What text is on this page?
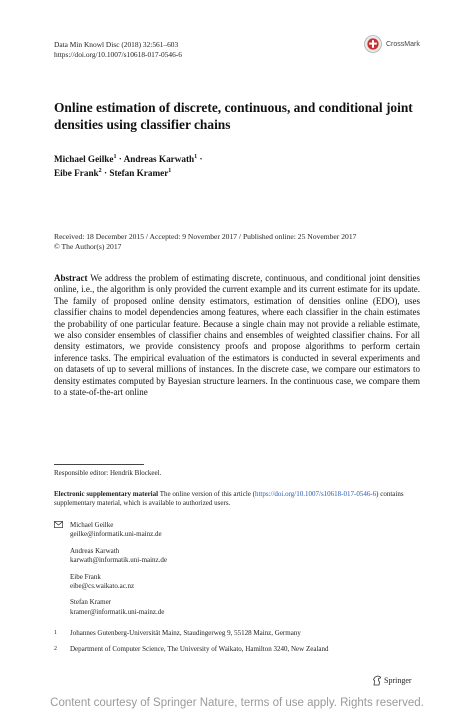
Data Min Knowl Disc (2018) 32:561–603
https://doi.org/10.1007/s10618-017-0546-6
CrossMark
Online estimation of discrete, continuous, and conditional joint densities using classifier chains
Michael Geilke$^1$ · Andreas Karwath$^1$ ·
Eibe Frank$^2$ · Stefan Kramer$^1$
Received: 18 December 2015 / Accepted: 9 November 2017 / Published online: 25 November 2017
© The Author(s) 2017
Abstract We address the problem of estimating discrete, continuous, and conditional joint densities online, i.e., the algorithm is only provided the current example and its current estimate for its update. The family of proposed online density estimators, estimation of densities online (EDO), uses classifier chains to model dependencies among features, where each classifier in the chain estimates the probability of one particular feature. Because a single chain may not provide a reliable estimate, we also consider ensembles of classifier chains and ensembles of weighted classifier chains. For all density estimators, we provide consistency proofs and propose algorithms to perform certain inference tasks. The empirical evaluation of the estimators is conducted in several experiments and on datasets of up to several millions of instances. In the discrete case, we compare our estimators to density estimates computed by Bayesian structure learners. In the continuous case, we compare them to a state-of-the-art online
Responsible editor: Hendrik Blockeel.
Electronic supplementary material The online version of this article (https://doi.org/10.1007/s10618-017-0546-6) contains supplementary material, which is available to authorized users.
Michael Geilke
geilke@informatik.uni-mainz.de
Andreas Karwath
karwath@informatik.uni-mainz.de
Eibe Frank
eibe@cs.waikato.ac.nz
Stefan Kramer
kramer@informatik.uni-mainz.de
1	Johannes Gutenberg-Universität Mainz, Staudingerweg 9, 55128 Mainz, Germany
2	Department of Computer Science, The University of Waikato, Hamilton 3240, New Zealand
Springer
Content courtesy of Springer Nature, terms of use apply. Rights reserved.
